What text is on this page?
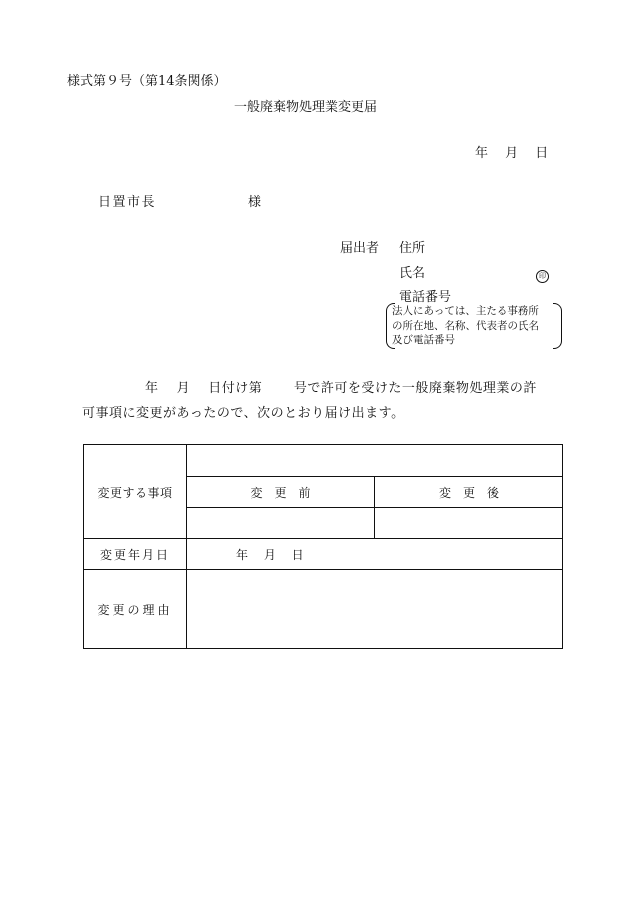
様式第９号（第14条関係）
一般廃棄物処理業変更届
年　 月　 日
日置市長	様
届出者 住所
氏名	印
電話番号
法人にあっては、主たる事務所
の所在地、名称、代表者の氏名
及び電話番号
年　 月　 日付け第　　 号で許可を受けた一般廃棄物処理業の許
可事項に変更があったので、次のとおり届け出ます。
変更する事項	変　更　前	変　更　後
変更年月日	年　 月　 日
変更の理由
